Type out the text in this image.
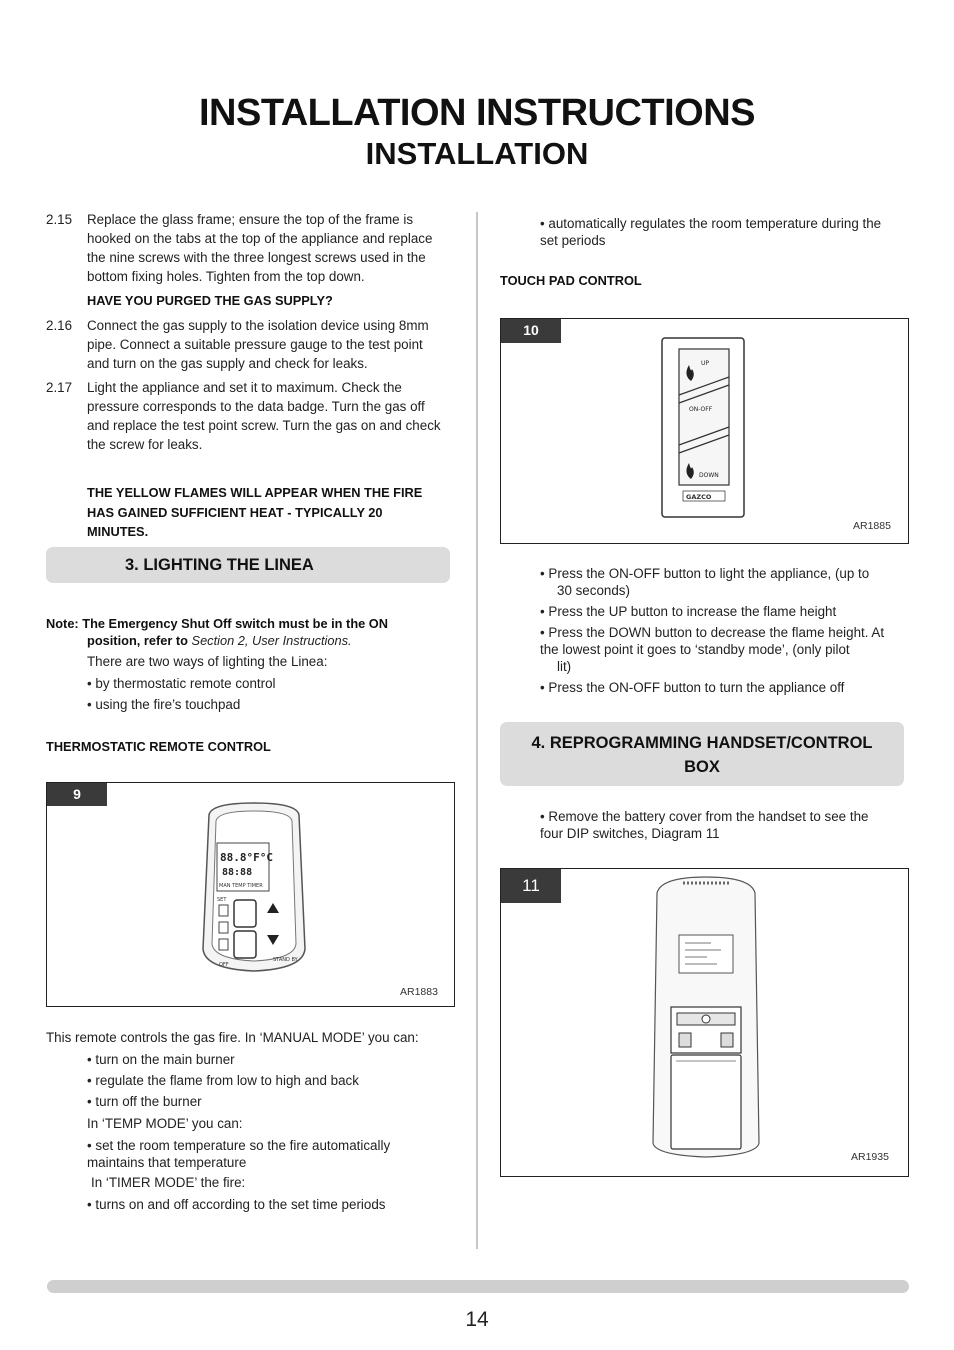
INSTALLATION INSTRUCTIONS
INSTALLATION
2.15	Replace the glass frame; ensure the top of the frame is
hooked on the tabs at the top of the appliance and replace
the nine screws with the three longest screws used in the
bottom fixing holes. Tighten from the top down.
HAVE YOU PURGED THE GAS SUPPLY?
2.16	Connect the gas supply to the isolation device using 8mm
pipe. Connect a suitable pressure gauge to the test point
and turn on the gas supply and check for leaks.
2.17	Light the appliance and set it to maximum. Check the
pressure corresponds to the data badge. Turn the gas off
and replace the test point screw. Turn the gas on and check
the screw for leaks.
THE YELLOW FLAMES WILL APPEAR WHEN THE FIRE
HAS GAINED SUFFICIENT HEAT - TYPICALLY 20
MINUTES.
3. LIGHTING THE LINEA
Note: The Emergency Shut Off switch must be in the ON
position, refer to Section 2, User Instructions.
There are two ways of lighting the Linea:
• by thermostatic remote control
• using the fire’s touchpad
THERMOSTATIC REMOTE CONTROL
9
88.8°F°C
88:88
MAN TEMP TIMER
SET
OFF
STAND BY
AR1883
This remote controls the gas fire. In ‘MANUAL MODE’ you can:
• turn on the main burner
• regulate the flame from low to high and back
• turn off the burner
In ‘TEMP MODE’ you can:
• set the room temperature so the fire automatically
maintains that temperature
In ‘TIMER MODE’ the fire:
• turns on and off according to the set time periods
• automatically regulates the room temperature during the
set periods
TOUCH PAD CONTROL
10
UP
ON-OFF
DOWN
GAZCO
AR1885
• Press the ON-OFF button to light the appliance, (up to
30 seconds)
• Press the UP button to increase the flame height
• Press the DOWN button to decrease the flame height. At
the lowest point it goes to ‘standby mode’, (only pilot
lit)
• Press the ON-OFF button to turn the appliance off
4. REPROGRAMMING HANDSET/CONTROL
BOX
• Remove the battery cover from the handset to see the
four DIP switches, Diagram 11
11
AR1935
14
